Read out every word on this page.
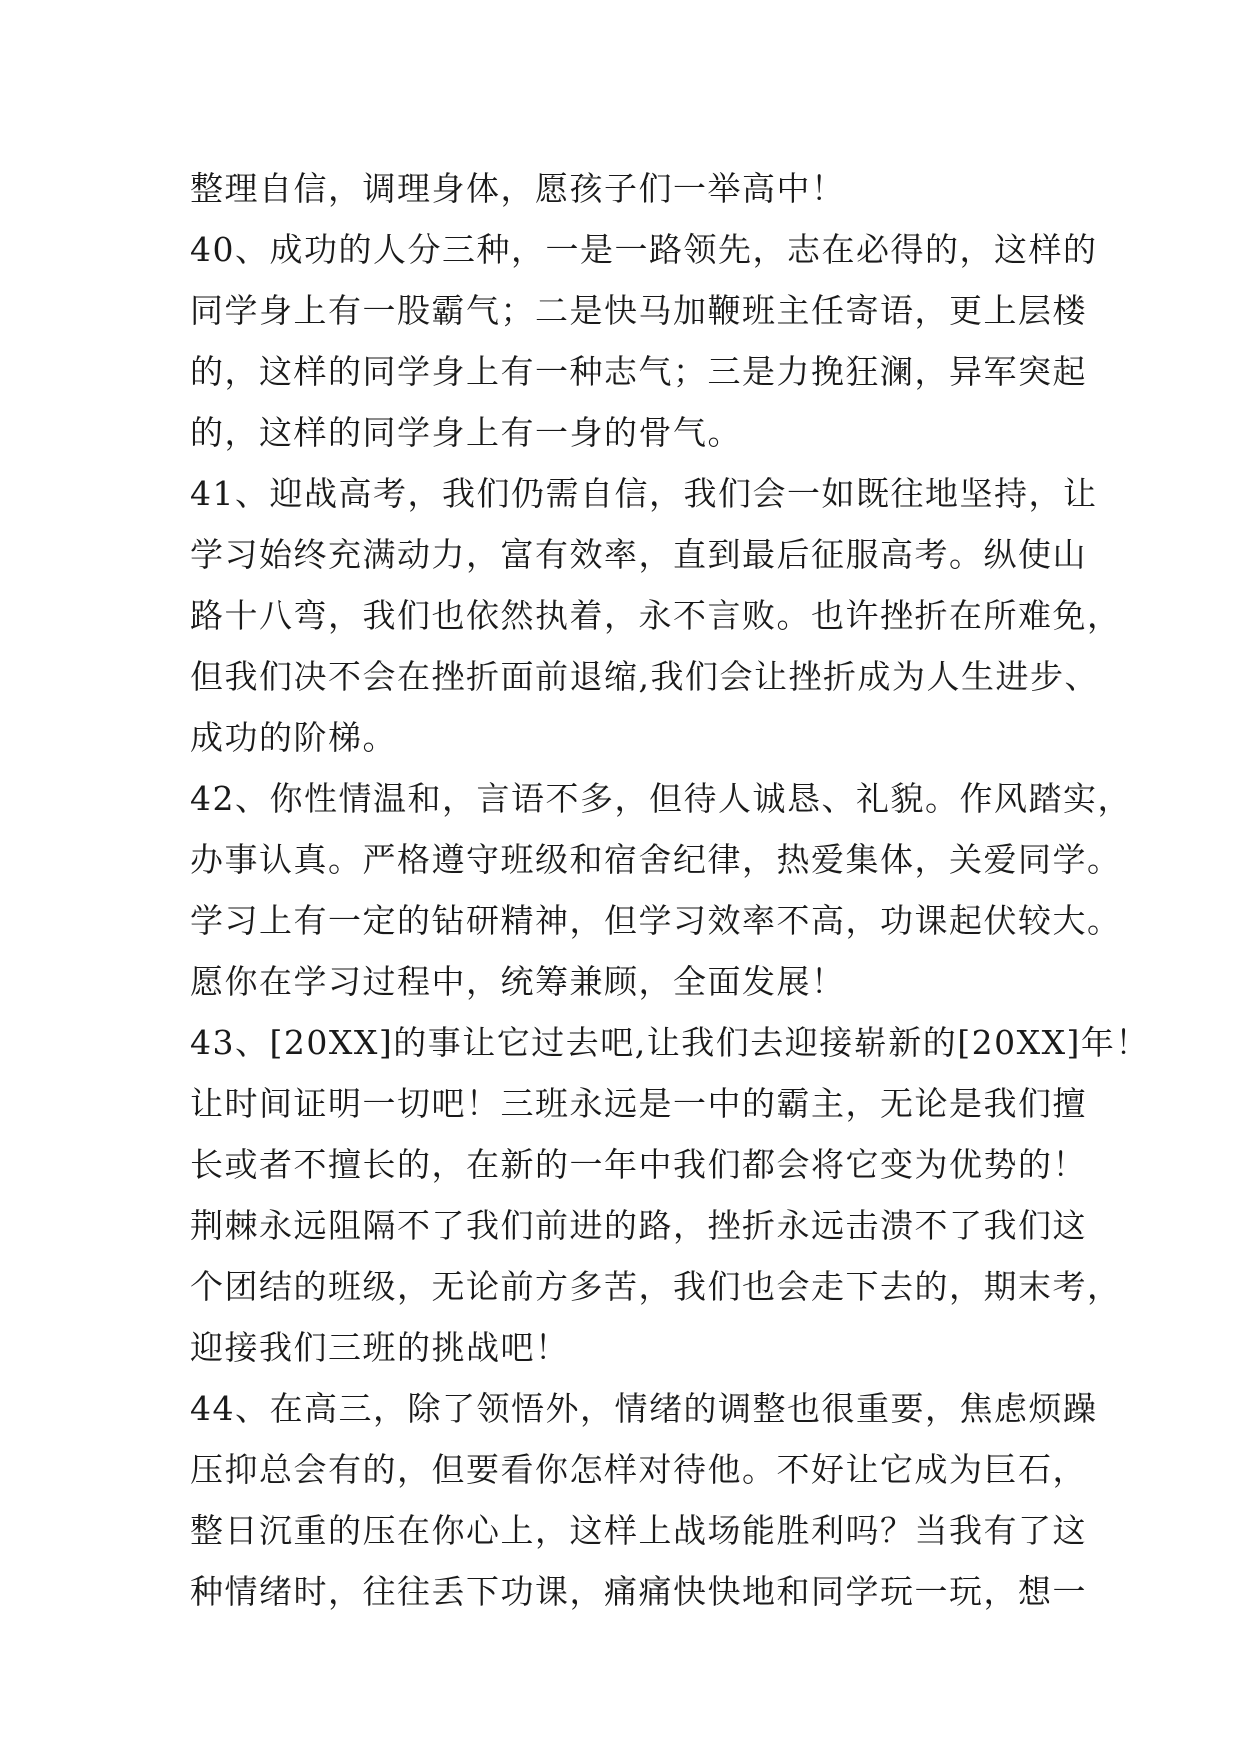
整理自信，调理身体，愿孩子们一举高中！
40、成功的人分三种，一是一路领先，志在必得的，这样的
同学身上有一股霸气；二是快马加鞭班主任寄语，更上层楼
的，这样的同学身上有一种志气；三是力挽狂澜，异军突起
的，这样的同学身上有一身的骨气。
41、迎战高考，我们仍需自信，我们会一如既往地坚持，让
学习始终充满动力，富有效率，直到最后征服高考。纵使山
路十八弯，我们也依然执着，永不言败。也许挫折在所难免，
但我们决不会在挫折面前退缩,我们会让挫折成为人生进步、
成功的阶梯。
42、你性情温和，言语不多，但待人诚恳、礼貌。作风踏实，
办事认真。严格遵守班级和宿舍纪律，热爱集体，关爱同学。
学习上有一定的钻研精神，但学习效率不高，功课起伏较大。
愿你在学习过程中，统筹兼顾，全面发展！
43、[20XX]的事让它过去吧,让我们去迎接崭新的[20XX]年！
让时间证明一切吧！三班永远是一中的霸主，无论是我们擅
长或者不擅长的，在新的一年中我们都会将它变为优势的！
荆棘永远阻隔不了我们前进的路，挫折永远击溃不了我们这
个团结的班级，无论前方多苦，我们也会走下去的，期末考，
迎接我们三班的挑战吧！
44、在高三，除了领悟外，情绪的调整也很重要，焦虑烦躁
压抑总会有的，但要看你怎样对待他。不好让它成为巨石，
整日沉重的压在你心上，这样上战场能胜利吗？当我有了这
种情绪时，往往丢下功课，痛痛快快地和同学玩一玩，想一
